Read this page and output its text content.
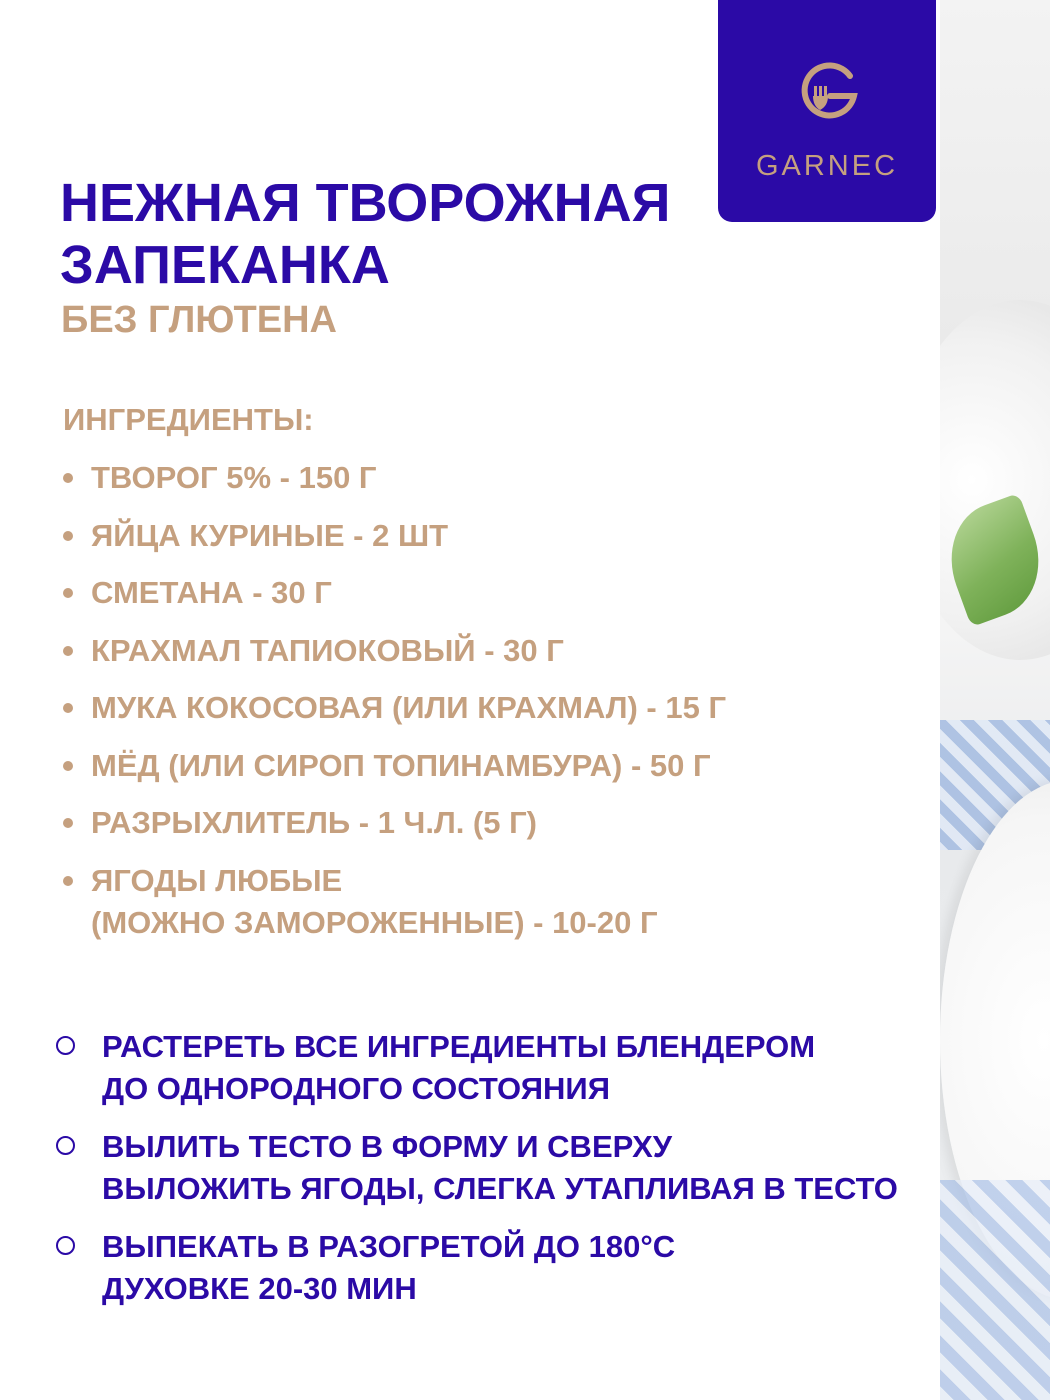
GARNEC
НЕЖНАЯ ТВОРОЖНАЯ
ЗАПЕКАНКА
БЕЗ ГЛЮТЕНА
ИНГРЕДИЕНТЫ:
ТВОРОГ 5% - 150 Г
ЯЙЦА КУРИНЫЕ - 2 ШТ
СМЕТАНА - 30 Г
КРАХМАЛ ТАПИОКОВЫЙ - 30 Г
МУКА КОКОСОВАЯ (ИЛИ КРАХМАЛ) - 15 Г
МЁД (ИЛИ СИРОП ТОПИНАМБУРА) - 50 Г
РАЗРЫХЛИТЕЛЬ - 1 Ч.Л. (5 Г)
ЯГОДЫ ЛЮБЫЕ
(МОЖНО ЗАМОРОЖЕННЫЕ) - 10-20 Г
РАСТЕРЕТЬ ВСЕ ИНГРЕДИЕНТЫ БЛЕНДЕРОМ
ДО ОДНОРОДНОГО СОСТОЯНИЯ
ВЫЛИТЬ ТЕСТО В ФОРМУ И СВЕРХУ
ВЫЛОЖИТЬ ЯГОДЫ, СЛЕГКА УТАПЛИВАЯ В ТЕСТО
ВЫПЕКАТЬ В РАЗОГРЕТОЙ ДО 180°С
ДУХОВКЕ 20-30 МИН
